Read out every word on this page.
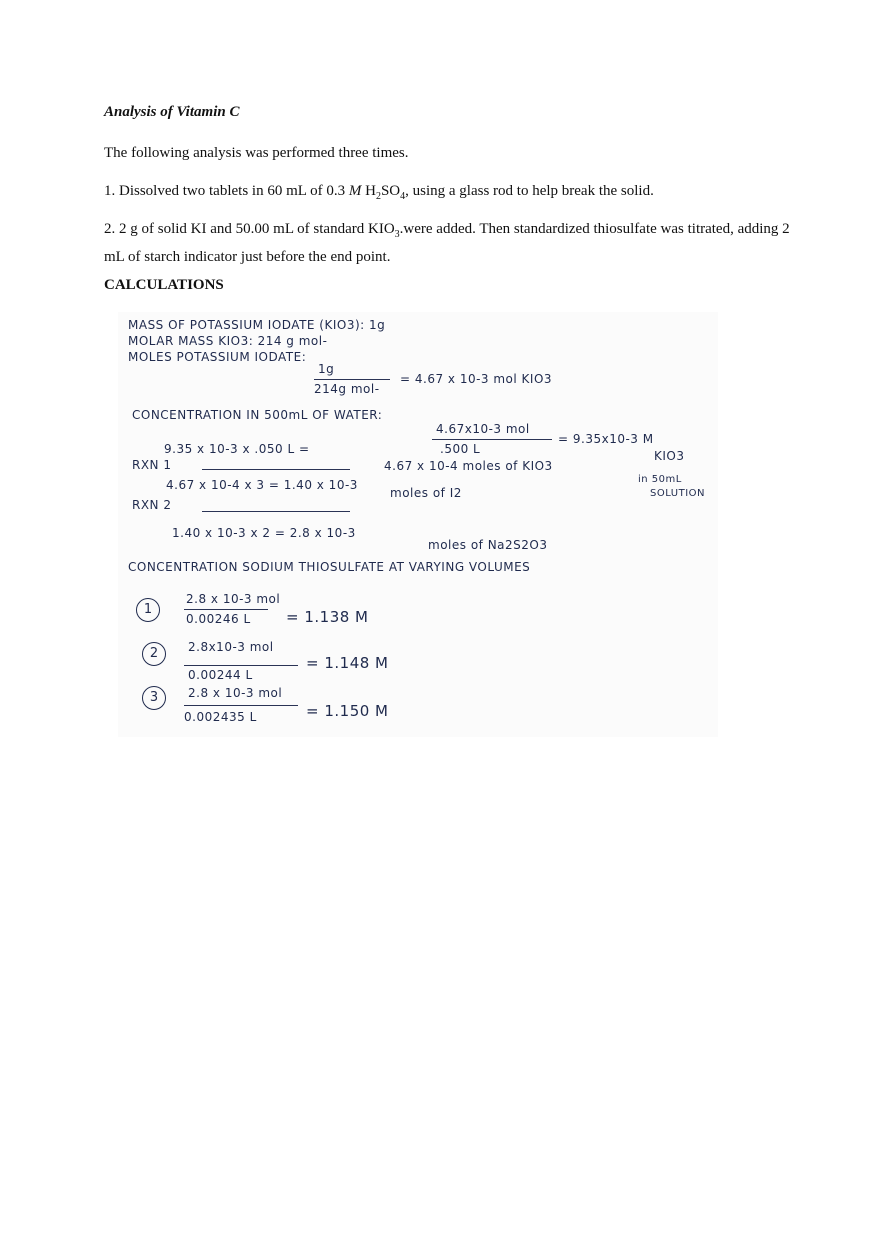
Analysis of Vitamin C
The following analysis was performed three times.
1. Dissolved two tablets in 60 mL of 0.3 M $H_2SO_4$, using a glass rod to help break the solid.
2. 2 g of solid KI and 50.00 mL of standard $KIO_3.were$ added. Then standardized thiosulfate was titrated, adding 2 mL of starch indicator just before the end point.
CALCULATIONS
MASS OF POTASSIUM IODATE (KIO3): 1g
MOLAR MASS KIO3: 214 g mol-
MOLES POTASSIUM IODATE:
1g
214g mol-
= 4.67 x 10-3 mol KIO3
CONCENTRATION IN 500mL OF WATER:
4.67x10-3 mol
.500 L
= 9.35x10-3 M
KIO3
9.35 x 10-3 x .050 L =
RXN 1	4.67 x 10-4 moles of KIO3
in 50mL
SOLUTION
4.67 x 10-4 x 3 = 1.40 x 10-3
moles of I2
RXN 2
1.40 x 10-3 x 2 = 2.8 x 10-3
moles of Na2S2O3
CONCENTRATION SODIUM THIOSULFATE AT VARYING VOLUMES
1
2.8 x 10-3 mol
0.00246 L = 1.138 M
2	2.8x10-3 mol
0.00244 L
= 1.148 M
3	2.8 x 10-3 mol
0.002435 L	= 1.150 M
